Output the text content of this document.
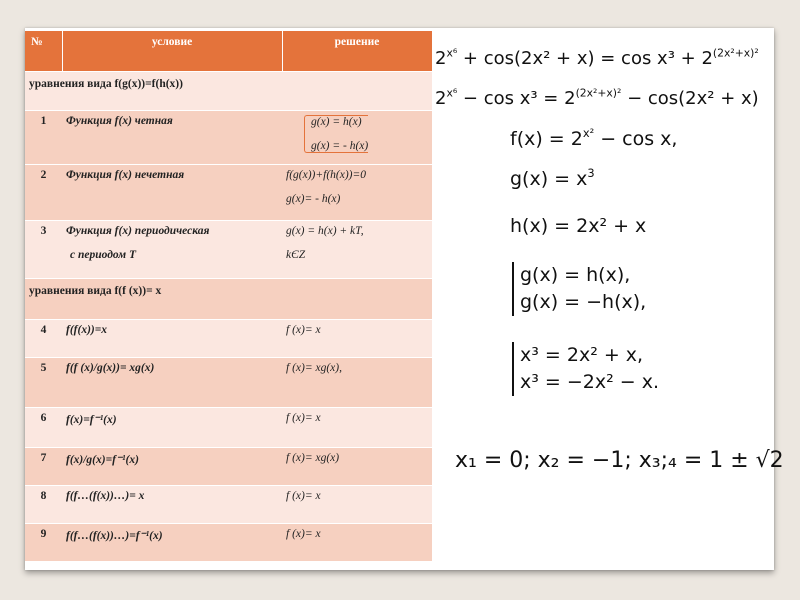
№	условие	решение
уравнения вида f(g(x))=f(h(x))		
1	Функция f(x) четная	g(x) = h(x)
g(x) = - h(x)

2	Функция f(x) нечетная	f(g(x))+f(h(x))=0
g(x)= - h(x)

3	Функция f(x) периодическая
с периодом T	g(x) = h(x) + kT,
kЄZ

уравнения вида f(f (x))= x		
4	f(f(x))=x	f (x)= x
5	f(f (x)/g(x))= xg(x)	f (x)= xg(x),
6	f(x)=f⁻¹(x)	f (x)= x
7	f(x)/g(x)=f⁻¹(x)	f (x)= xg(x)
8	f(f…(f(x))…)= x	f (x)= x
9	f(f…(f(x))…)=f⁻¹(x)	f (x)= x
$2^{x^6} + \cos(2x^2 + x) = \cos x^3 + 2^{(2x^2+x)^2}$
$2^{x^6} - \cos x^3 = 2^{(2x^2+x)^2} - \cos(2x^2 + x)$
$f(x) = 2^{x^2} - \cos x$,
$g(x) = x^3$
h(x) = 2x² + x
g(x) = h(x),
g(x) = −h(x),
x³ = 2x² + x,
x³ = −2x² − x.
x₁ = 0; x₂ = −1; x₃;₄ = 1 ± √2
